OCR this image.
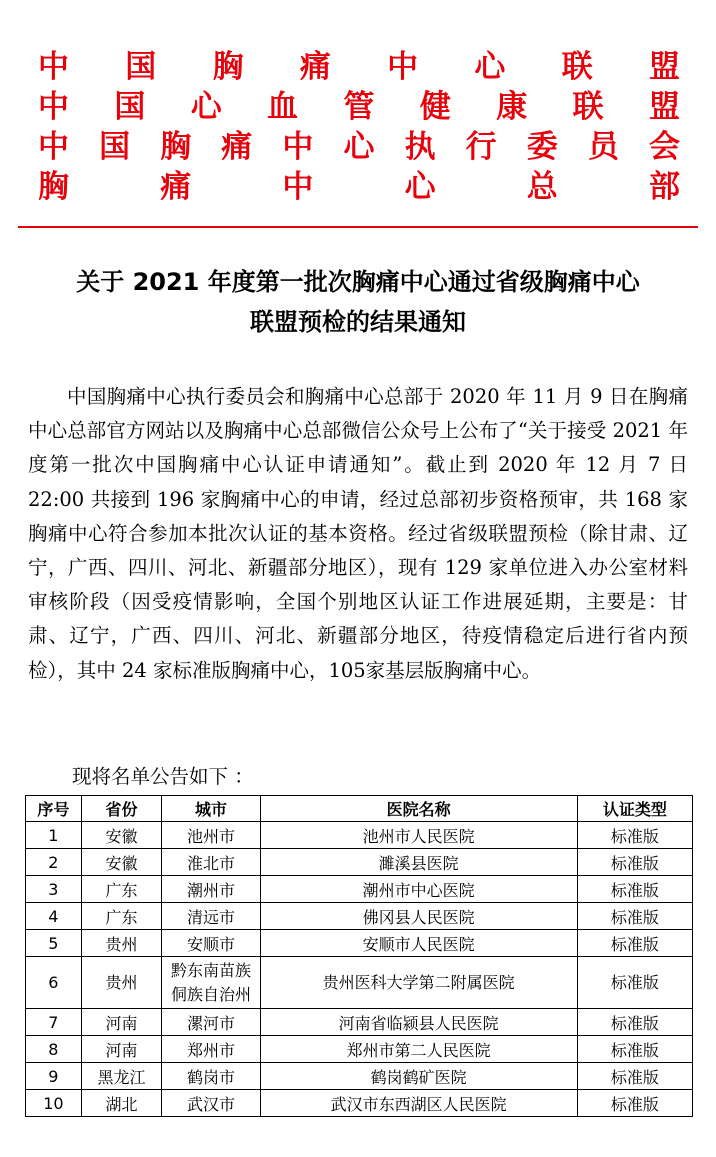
中 国 胸 痛 中 心 联 盟
中 国 心 血 管 健 康 联 盟
中 国 胸 痛 中 心 执 行 委 员 会
胸	痛	中	心	总	部
关于 2021 年度第一批次胸痛中心通过省级胸痛中心
联盟预检的结果通知
中国胸痛中心执行委员会和胸痛中心总部于 2020 年 11 月 9 日在胸痛中心总部官方网站以及胸痛中心总部微信公众号上公布了“关于接受 2021 年度第一批次中国胸痛中心认证申请通知”。截止到 2020 年 12 月 7 日 22:00 共接到 196 家胸痛中心的申请，经过总部初步资格预审，共 168 家胸痛中心符合参加本批次认证的基本资格。经过省级联盟预检（除甘肃、辽宁，广西、四川、河北、新疆部分地区），现有 129 家单位进入办公室材料审核阶段（因受疫情影响，全国个别地区认证工作进展延期，主要是：甘肃、辽宁，广西、四川、河北、新疆部分地区，待疫情稳定后进行省内预检），其中 24 家标准版胸痛中心，105家基层版胸痛中心。
现将名单公告如下 ：
序号	省份	城市	医院名称	认证类型
1	安徽	池州市	池州市人民医院	标准版
2	安徽	淮北市	濉溪县医院	标准版
3	广东	潮州市	潮州市中心医院	标准版
4	广东	清远市	佛冈县人民医院	标准版
5	贵州	安顺市	安顺市人民医院	标准版
6	贵州	黔东南苗族
侗族自治州	贵州医科大学第二附属医院	标准版
7	河南	漯河市	河南省临颍县人民医院	标准版
8	河南	郑州市	郑州市第二人民医院	标准版
9	黑龙江	鹤岗市	鹤岗鹤矿医院	标准版
10	湖北	武汉市	武汉市东西湖区人民医院	标准版
